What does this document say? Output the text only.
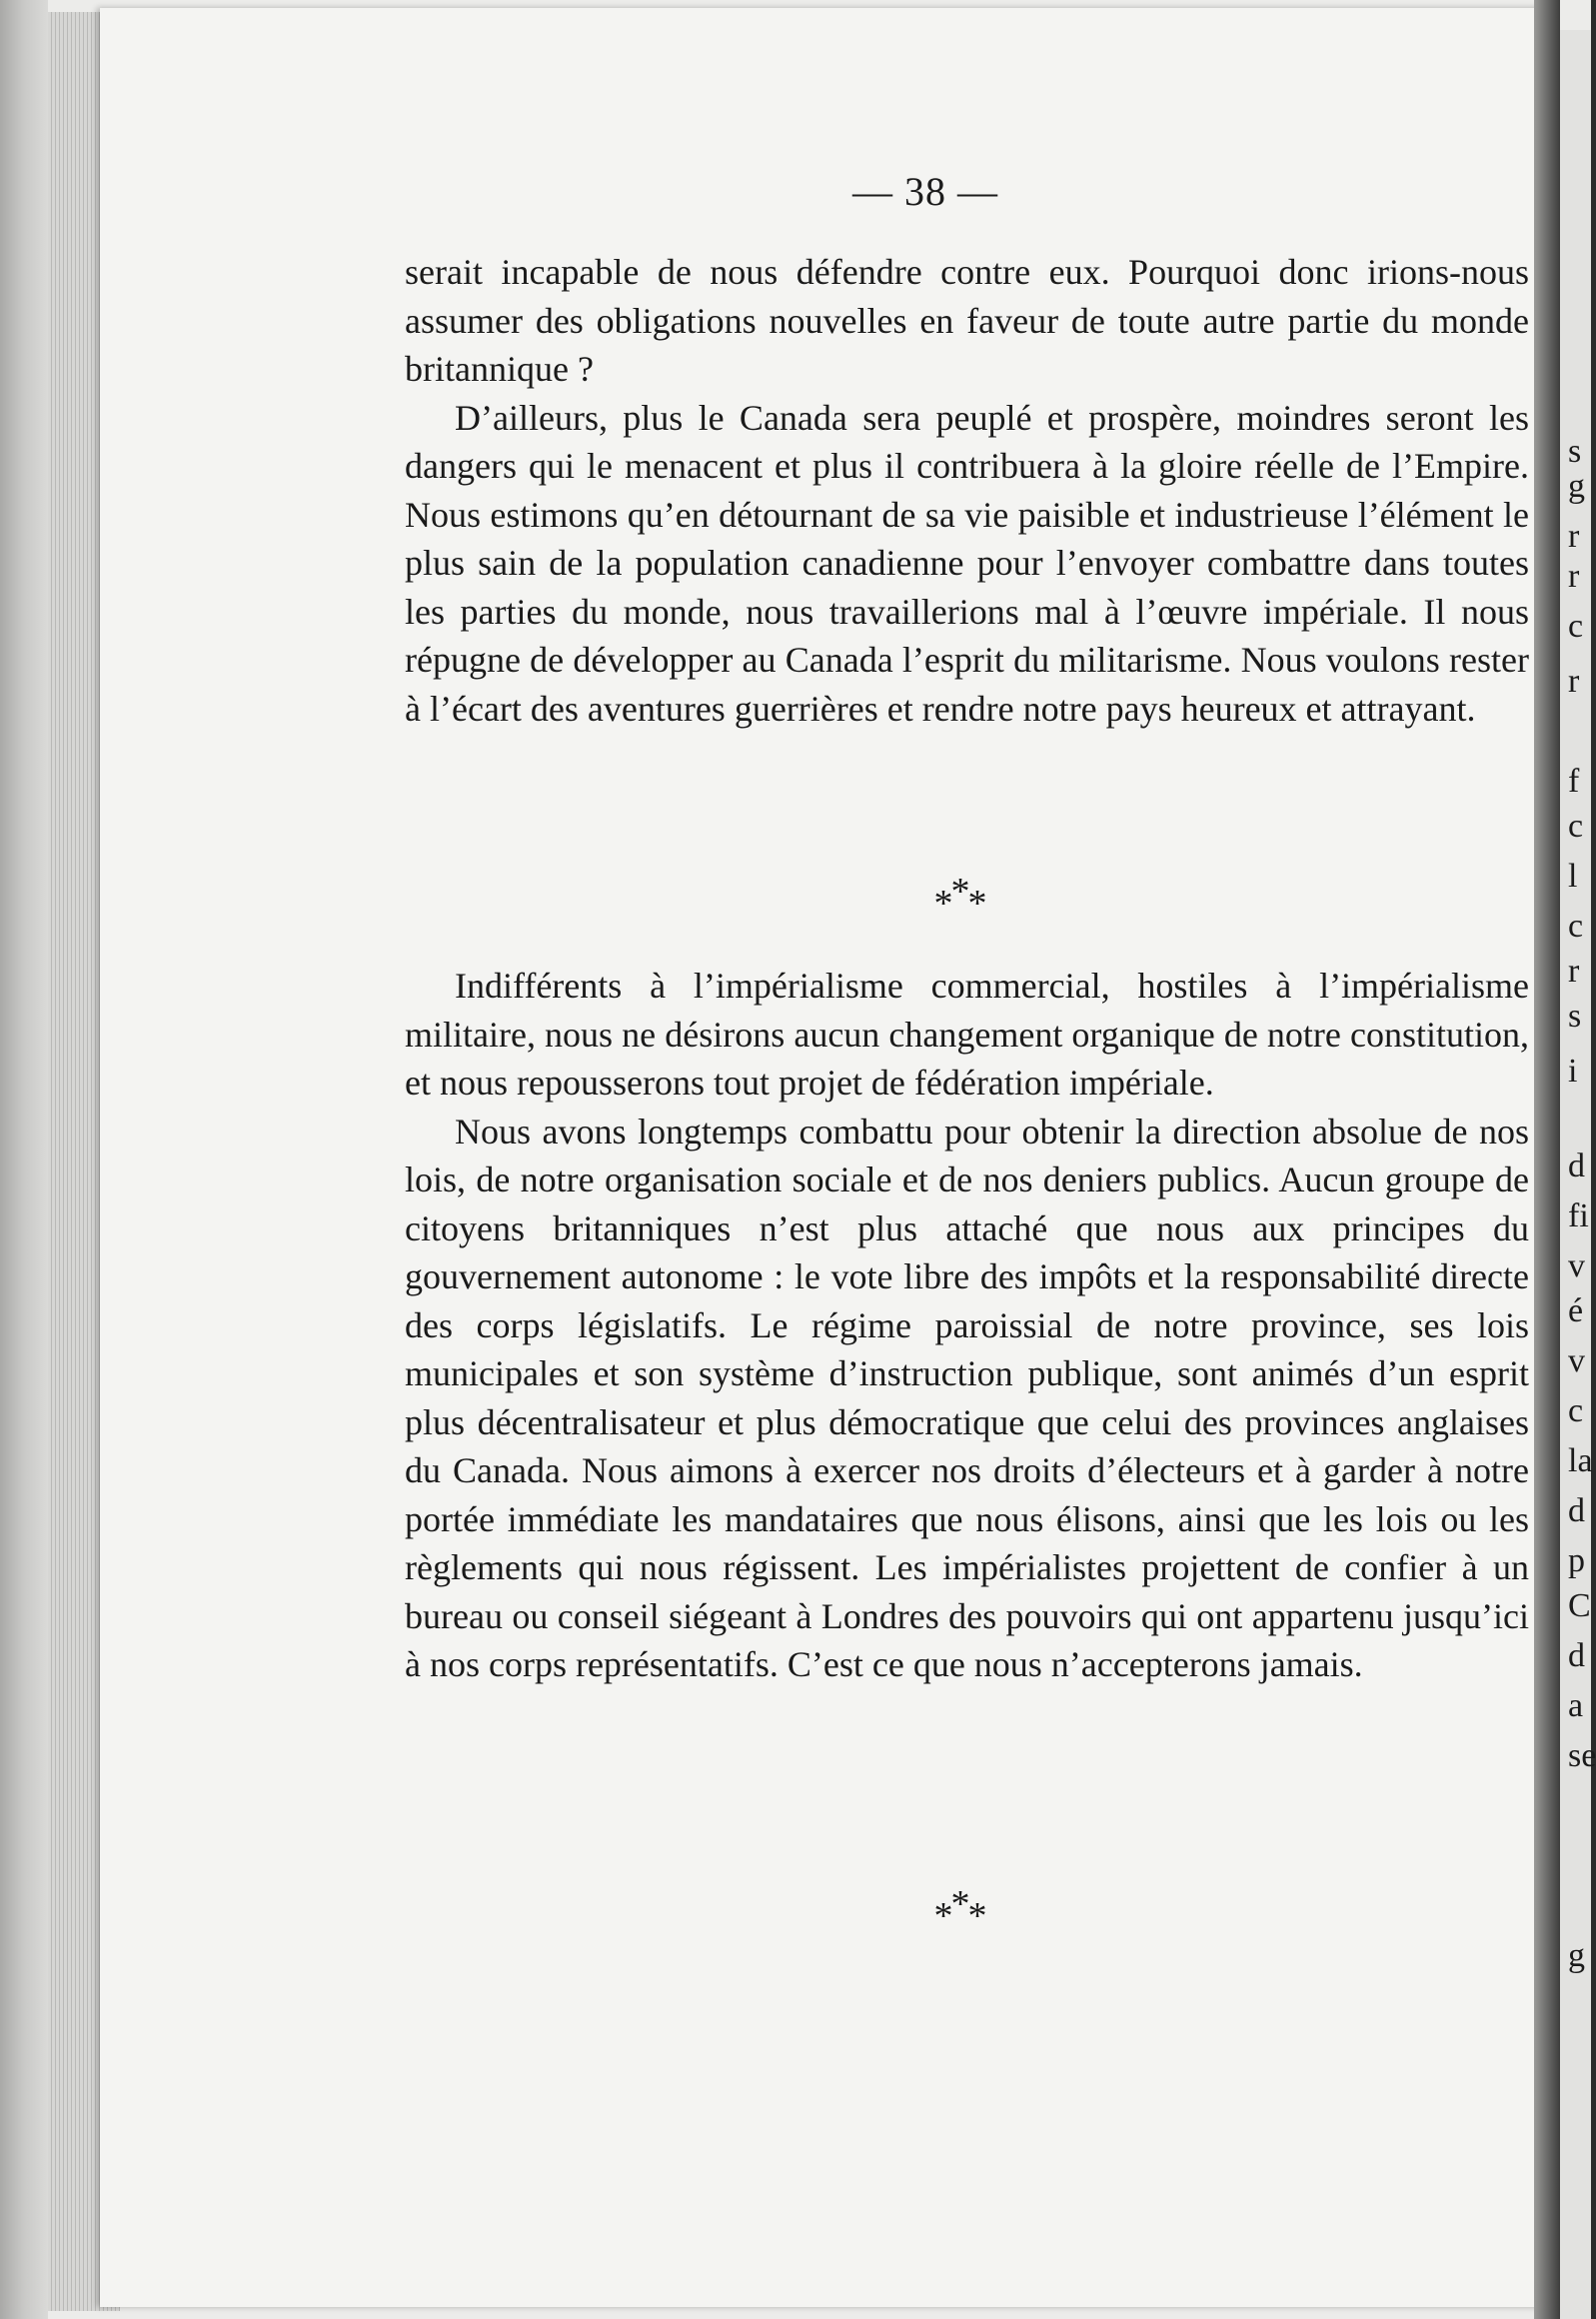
— 38 —

serait incapable de nous défendre contre eux. Pourquoi donc irions-nous assumer des obligations nouvelles en faveur de toute autre partie du monde britannique ?

D’ailleurs, plus le Canada sera peuplé et prospère, moindres seront les dangers qui le menacent et plus il contribuera à la gloire réelle de l’Empire. Nous estimons qu’en détournant de sa vie paisible et industrieuse l’élément le plus sain de la population canadienne pour l’envoyer combattre dans toutes les parties du monde, nous travaillerions mal à l’œuvre impériale. Il nous répugne de développer au Canada l’esprit du militarisme. Nous voulons rester à l’écart des aventures guerrières et rendre notre pays heureux et attrayant.

***

Indifférents à l’impérialisme commercial, hostiles à l’impérialisme militaire, nous ne désirons aucun changement organique de notre constitution, et nous repousserons tout projet de fédération impériale.

Nous avons longtemps combattu pour obtenir la direction absolue de nos lois, de notre organisation sociale et de nos deniers publics. Aucun groupe de citoyens britanniques n’est plus attaché que nous aux principes du gouvernement autonome : le vote libre des impôts et la responsabilité directe des corps législatifs. Le régime paroissial de notre province, ses lois municipales et son système d’instruction publique, sont animés d’un esprit plus décentralisateur et plus démocratique que celui des provinces anglaises du Canada. Nous aimons à exercer nos droits d’électeurs et à garder à notre portée immédiate les mandataires que nous élisons, ainsi que les lois ou les règlements qui nous régissent. Les impérialistes projettent de confier à un bureau ou conseil siégeant à Londres des pouvoirs qui ont appartenu jusqu’ici à nos corps représentatifs. C’est ce que nous n’accepterons jamais.

***
s
g
r
r
c
r
f
c
l
c
r
s
i
d
fi
v
é
v
c
la
d
p
C
d
a
se
g
